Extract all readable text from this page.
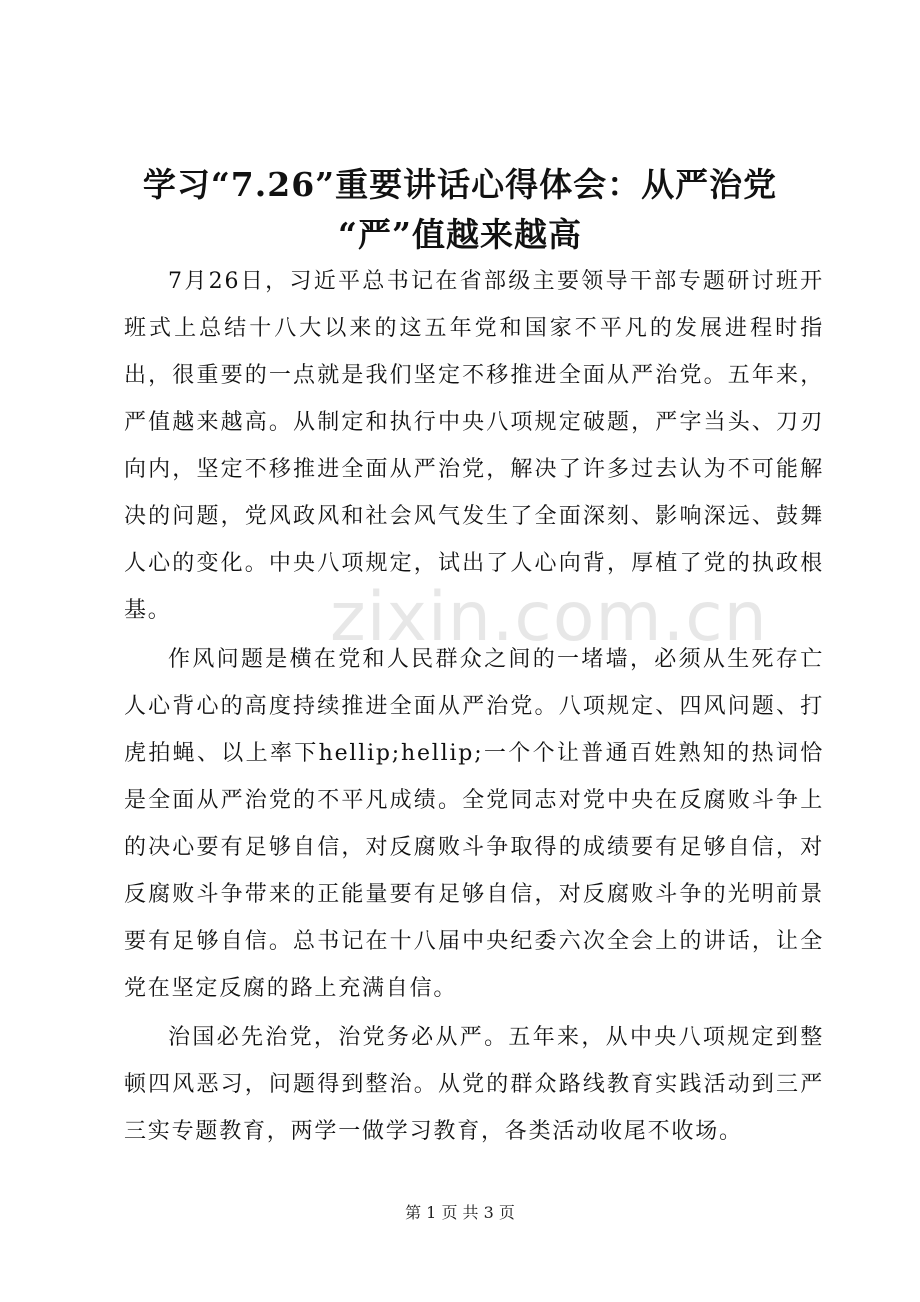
学习“7.26”重要讲话心得体会：从严治党
“严”值越来越高

7月26日，习近平总书记在省部级主要领导干部专题研讨班开班式上总结十八大以来的这五年党和国家不平凡的发展进程时指出，很重要的一点就是我们坚定不移推进全面从严治党。五年来，严值越来越高。从制定和执行中央八项规定破题，严字当头、刀刃向内，坚定不移推进全面从严治党，解决了许多过去认为不可能解决的问题，党风政风和社会风气发生了全面深刻、影响深远、鼓舞人心的变化。中央八项规定，试出了人心向背，厚植了党的执政根基。

作风问题是横在党和人民群众之间的一堵墙，必须从生死存亡人心背心的高度持续推进全面从严治党。八项规定、四风问题、打虎拍蝇、以上率下hellip;hellip;一个个让普通百姓熟知的热词恰是全面从严治党的不平凡成绩。全党同志对党中央在反腐败斗争上的决心要有足够自信，对反腐败斗争取得的成绩要有足够自信，对反腐败斗争带来的正能量要有足够自信，对反腐败斗争的光明前景要有足够自信。总书记在十八届中央纪委六次全会上的讲话，让全党在坚定反腐的路上充满自信。

治国必先治党，治党务必从严。五年来，从中央八项规定到整顿四风恶习，问题得到整治。从党的群众路线教育实践活动到三严三实专题教育，两学一做学习教育，各类活动收尾不收场。

zixin.com.cn
第 1 页 共 3 页
